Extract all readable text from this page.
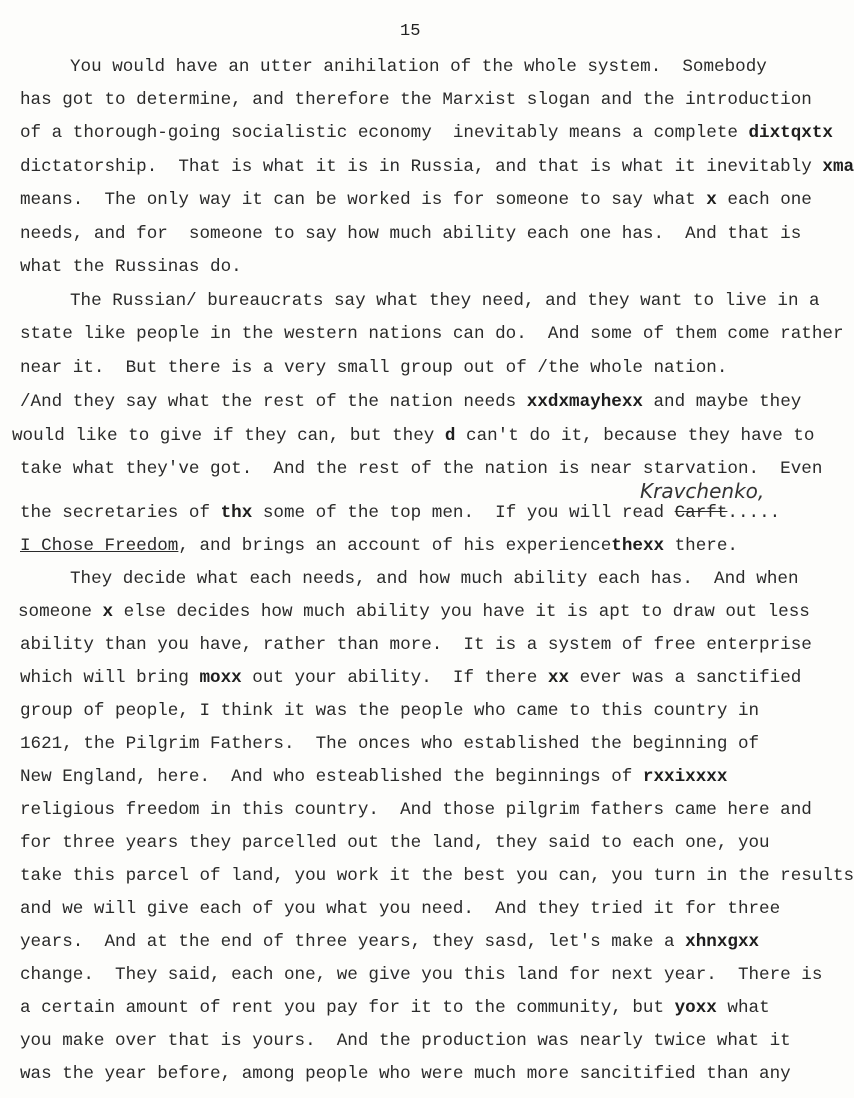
15
You would have an utter anihilation of the whole system.  Somebody
has got to determine, and therefore the Marxist slogan and the introduction
of a thorough-going socialistic economy  inevitably means a complete dixtqxtx
dictatorship.  That is what it is in Russia, and that is what it inevitably xma
means.  The only way it can be worked is for someone to say what x each one
needs, and for  someone to say how much ability each one has.  And that is
what the Russinas do.
The Russian/ bureaucrats say what they need, and they want to live in a
state like people in the western nations can do.  And some of them come rather
near it.  But there is a very small group out of /the whole nation.
/And they say what the rest of the nation needs xxdxmayhexx and maybe they
would like to give if they can, but they d can't do it, because they have to
take what they've got.  And the rest of the nation is near starvation.  Even
the secretaries of thx some of the top men.  If you will read Carft.....
I Chose Freedom, and brings an account of his experiencethexx there.
They decide what each needs, and how much ability each has.  And when
someone x else decides how much ability you have it is apt to draw out less
ability than you have, rather than more.  It is a system of free enterprise
which will bring moxx out your ability.  If there xx ever was a sanctified
group of people, I think it was the people who came to this country in
1621, the Pilgrim Fathers.  The onces who established the beginning of
New England, here.  And who esteablished the beginnings of rxxixxxx
religious freedom in this country.  And those pilgrim fathers came here and
for three years they parcelled out the land, they said to each one, you
take this parcel of land, you work it the best you can, you turn in the results
and we will give each of you what you need.  And they tried it for three
years.  And at the end of three years, they sasd, let's make a xhnxgxx
change.  They said, each one, we give you this land for next year.  There is
a certain amount of rent you pay for it to the community, but yoxx what
you make over that is yours.  And the production was nearly twice what it
was the year before, among people who were much more sancitified than any
Kravchenko,
